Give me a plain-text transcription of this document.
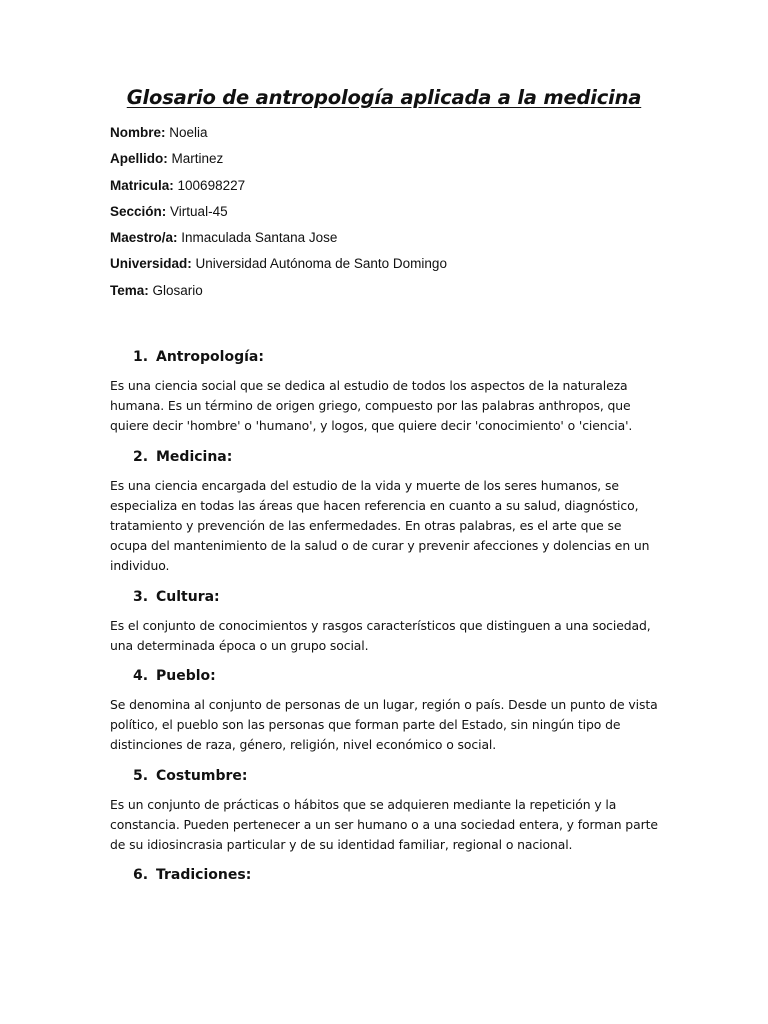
Glosario de antropología aplicada a la medicina
Nombre: Noelia
Apellido: Martinez
Matricula: 100698227
Sección: Virtual-45
Maestro/a: Inmaculada Santana Jose
Universidad: Universidad Autónoma de Santo Domingo
Tema: Glosario
1. Antropología:

Es una ciencia social que se dedica al estudio de todos los aspectos de la naturaleza humana. Es un término de origen griego, compuesto por las palabras anthropos, que quiere decir 'hombre' o 'humano', y logos, que quiere decir 'conocimiento' o 'ciencia'.

2. Medicina:

Es una ciencia encargada del estudio de la vida y muerte de los seres humanos, se especializa en todas las áreas que hacen referencia en cuanto a su salud, diagnóstico, tratamiento y prevención de las enfermedades. En otras palabras, es el arte que se ocupa del mantenimiento de la salud o de curar y prevenir afecciones y dolencias en un individuo.

3. Cultura:

Es el conjunto de conocimientos y rasgos característicos que distinguen a una sociedad, una determinada época o un grupo social.

4. Pueblo:

Se denomina al conjunto de personas de un lugar, región o país. Desde un punto de vista político, el pueblo son las personas que forman parte del Estado, sin ningún tipo de distinciones de raza, género, religión, nivel económico o social.

5. Costumbre:

Es un conjunto de prácticas o hábitos que se adquieren mediante la repetición y la constancia. Pueden pertenecer a un ser humano o a una sociedad entera, y forman parte de su idiosincrasia particular y de su identidad familiar, regional o nacional.

6. Tradiciones:
